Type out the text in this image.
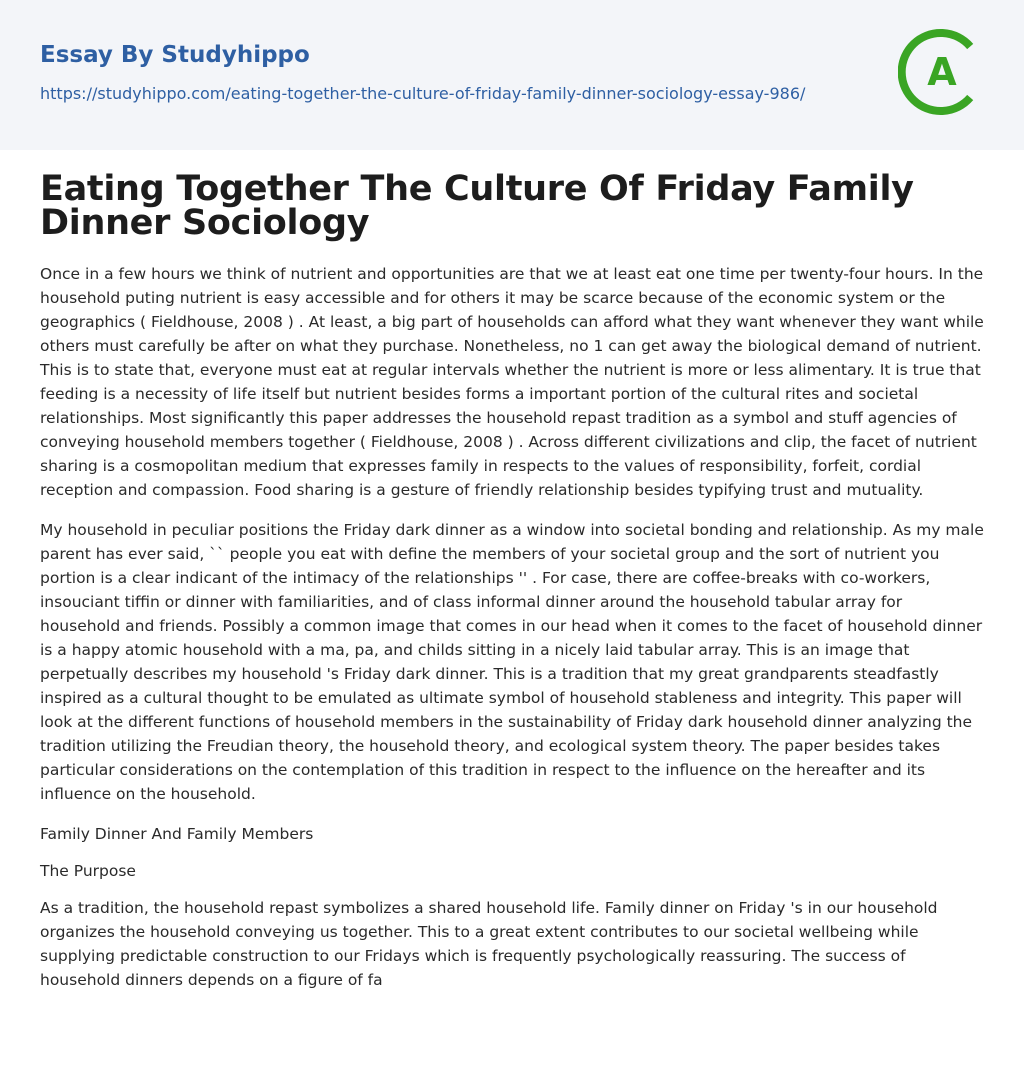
Essay By Studyhippo
https://studyhippo.com/eating-together-the-culture-of-friday-family-dinner-sociology-essay-986/	A
Eating Together The Culture Of Friday Family Dinner Sociology

Once in a few hours we think of nutrient and opportunities are that we at least eat one time per twenty-four hours. In the household puting nutrient is easy accessible and for others it may be scarce because of the economic system or the geographics ( Fieldhouse, 2008 ) . At least, a big part of households can afford what they want whenever they want while others must carefully be after on what they purchase. Nonetheless, no 1 can get away the biological demand of nutrient. This is to state that, everyone must eat at regular intervals whether the nutrient is more or less alimentary. It is true that feeding is a necessity of life itself but nutrient besides forms a important portion of the cultural rites and societal relationships. Most significantly this paper addresses the household repast tradition as a symbol and stuff agencies of conveying household members together ( Fieldhouse, 2008 ) . Across different civilizations and clip, the facet of nutrient sharing is a cosmopolitan medium that expresses family in respects to the values of responsibility, forfeit, cordial reception and compassion. Food sharing is a gesture of friendly relationship besides typifying trust and mutuality.

My household in peculiar positions the Friday dark dinner as a window into societal bonding and relationship. As my male parent has ever said, `` people you eat with define the members of your societal group and the sort of nutrient you portion is a clear indicant of the intimacy of the relationships '' . For case, there are coffee-breaks with co-workers, insouciant tiffin or dinner with familiarities, and of class informal dinner around the household tabular array for household and friends. Possibly a common image that comes in our head when it comes to the facet of household dinner is a happy atomic household with a ma, pa, and childs sitting in a nicely laid tabular array. This is an image that perpetually describes my household 's Friday dark dinner. This is a tradition that my great grandparents steadfastly inspired as a cultural thought to be emulated as ultimate symbol of household stableness and integrity. This paper will look at the different functions of household members in the sustainability of Friday dark household dinner analyzing the tradition utilizing the Freudian theory, the household theory, and ecological system theory. The paper besides takes particular considerations on the contemplation of this tradition in respect to the influence on the hereafter and its influence on the household.

Family Dinner And Family Members

The Purpose

As a tradition, the household repast symbolizes a shared household life. Family dinner on Friday 's in our household organizes the household conveying us together. This to a great extent contributes to our societal wellbeing while supplying predictable construction to our Fridays which is frequently psychologically reassuring. The success of household dinners depends on a figure of fa
